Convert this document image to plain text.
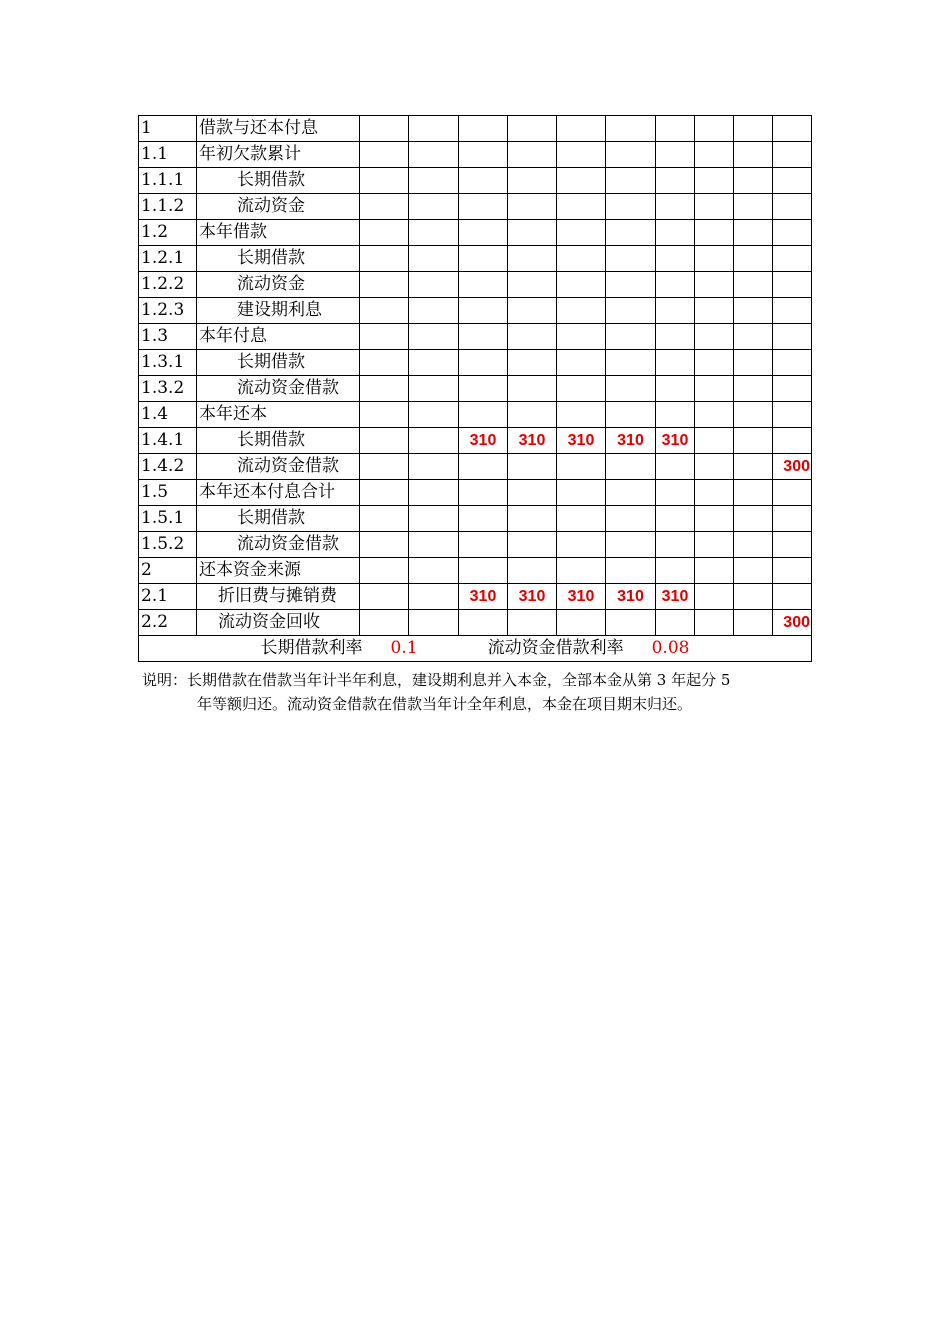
1	借款与还本付息										
1.1	年初欠款累计										
1.1.1	长期借款										
1.1.2	流动资金										
1.2	本年借款										
1.2.1	长期借款										
1.2.2	流动资金										
1.2.3	建设期利息										
1.3	本年付息										
1.3.1	长期借款										
1.3.2	流动资金借款										
1.4	本年还本										
1.4.1	长期借款			310	310	310	310	310			
1.4.2	流动资金借款										300
1.5	本年还本付息合计										
1.5.1	长期借款										
1.5.2	流动资金借款										
2	还本资金来源										
2.1	折旧费与摊销费			310	310	310	310	310			
2.2	流动资金回收										300
长期借款利率 0.1 流动资金借款利率 0.08											

说明：长期借款在借款当年计半年利息，建设期利息并入本金，全部本金从第 3 年起分 5
年等额归还。流动资金借款在借款当年计全年利息，本金在项目期末归还。
